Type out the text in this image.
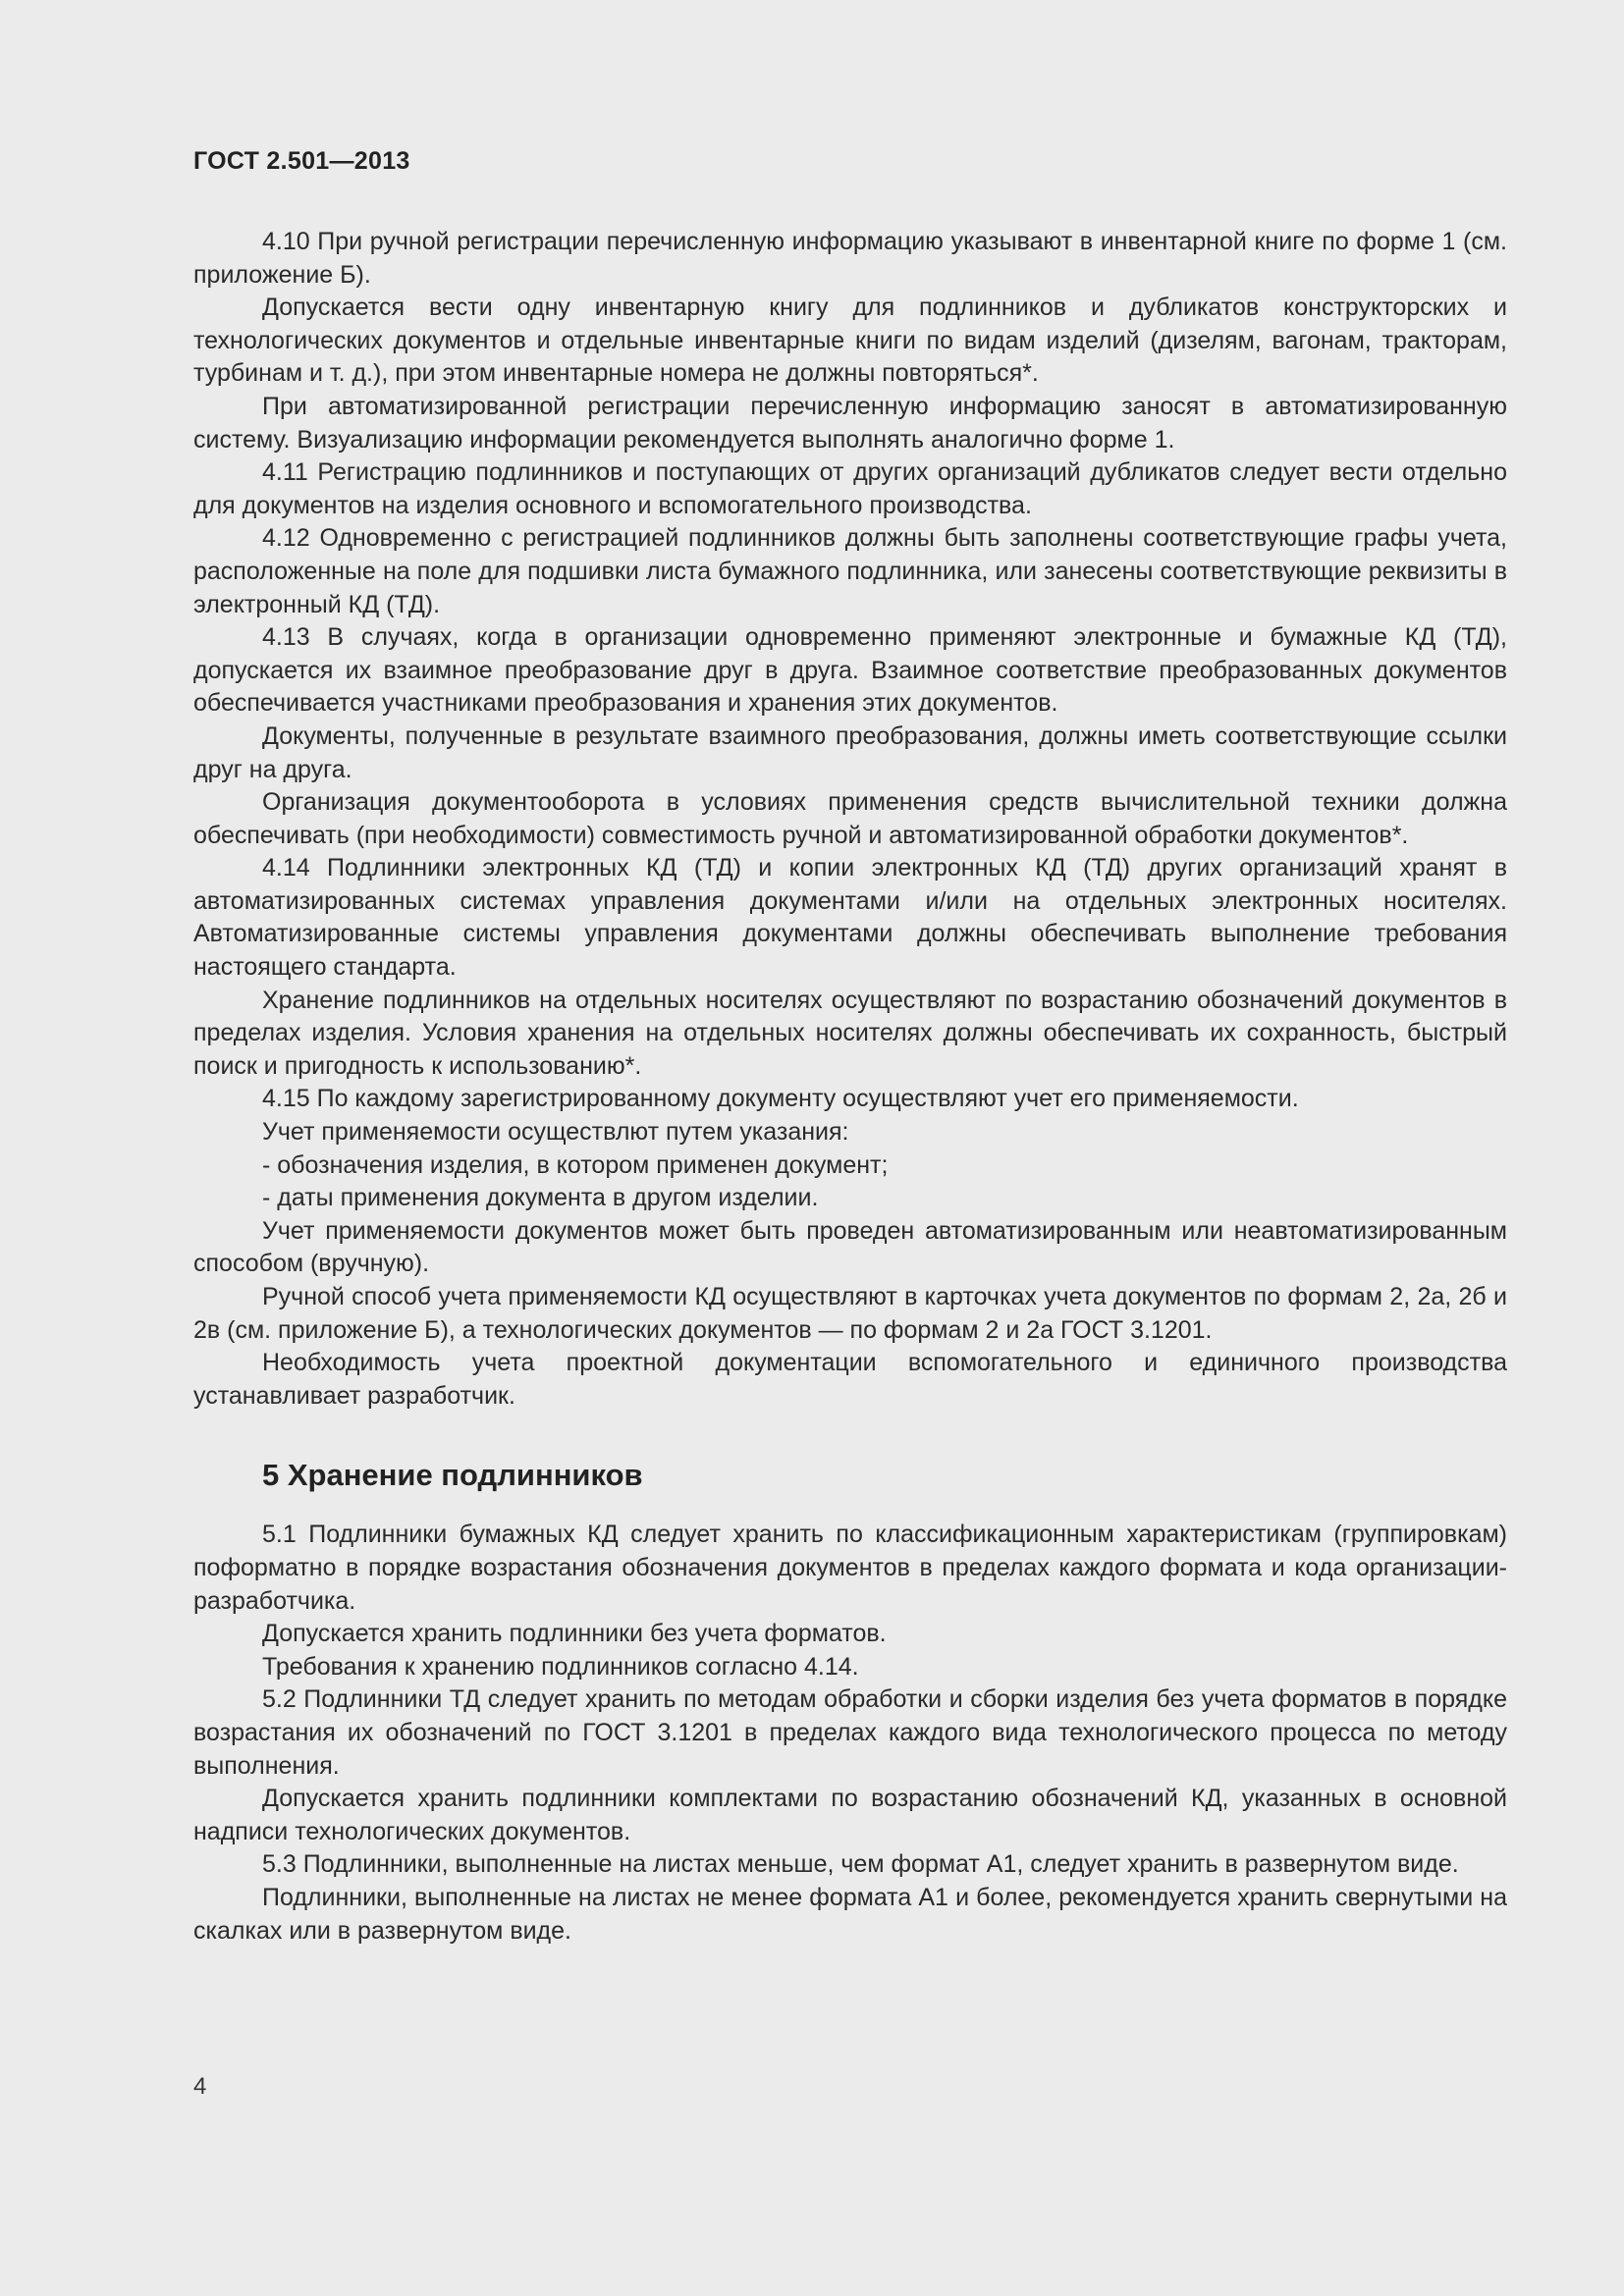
ГОСТ 2.501—2013

4.10 При ручной регистрации перечисленную информацию указывают в инвентарной книге по форме 1 (см. приложение Б).

Допускается вести одну инвентарную книгу для подлинников и дубликатов конструкторских и технологических документов и отдельные инвентарные книги по видам изделий (дизелям, вагонам, тракторам, турбинам и т. д.), при этом инвентарные номера не должны повторяться*.

При автоматизированной регистрации перечисленную информацию заносят в автоматизированную систему. Визуализацию информации рекомендуется выполнять аналогично форме 1.

4.11 Регистрацию подлинников и поступающих от других организаций дубликатов следует вести отдельно для документов на изделия основного и вспомогательного производства.

4.12 Одновременно с регистрацией подлинников должны быть заполнены соответствующие графы учета, расположенные на поле для подшивки листа бумажного подлинника, или занесены соответствующие реквизиты в электронный КД (ТД).

4.13 В случаях, когда в организации одновременно применяют электронные и бумажные КД (ТД), допускается их взаимное преобразование друг в друга. Взаимное соответствие преобразованных документов обеспечивается участниками преобразования и хранения этих документов.

Документы, полученные в результате взаимного преобразования, должны иметь соответствующие ссылки друг на друга.

Организация документооборота в условиях применения средств вычислительной техники должна обеспечивать (при необходимости) совместимость ручной и автоматизированной обработки документов*.

4.14 Подлинники электронных КД (ТД) и копии электронных КД (ТД) других организаций хранят в автоматизированных системах управления документами и/или на отдельных электронных носителях. Автоматизированные системы управления документами должны обеспечивать выполнение требования настоящего стандарта.

Хранение подлинников на отдельных носителях осуществляют по возрастанию обозначений документов в пределах изделия. Условия хранения на отдельных носителях должны обеспечивать их сохранность, быстрый поиск и пригодность к использованию*.

4.15 По каждому зарегистрированному документу осуществляют учет его применяемости.

Учет применяемости осуществлют путем указания:

- обозначения изделия, в котором применен документ;

- даты применения документа в другом изделии.

Учет применяемости документов может быть проведен автоматизированным или неавтоматизированным способом (вручную).

Ручной способ учета применяемости КД осуществляют в карточках учета документов по формам 2, 2а, 2б и 2в (см. приложение Б), а технологических документов — по формам 2 и 2а ГОСТ 3.1201.

Необходимость учета проектной документации вспомогательного и единичного производства устанавливает разработчик.

5 Хранение подлинников

5.1 Подлинники бумажных КД следует хранить по классификационным характеристикам (группировкам) поформатно в порядке возрастания обозначения документов в пределах каждого формата и кода организации-разработчика.

Допускается хранить подлинники без учета форматов.

Требования к хранению подлинников согласно 4.14.

5.2 Подлинники ТД следует хранить по методам обработки и сборки изделия без учета форматов в порядке возрастания их обозначений по ГОСТ 3.1201 в пределах каждого вида технологического процесса по методу выполнения.

Допускается хранить подлинники комплектами по возрастанию обозначений КД, указанных в основной надписи технологических документов.

5.3 Подлинники, выполненные на листах меньше, чем формат А1, следует хранить в развернутом виде.

Подлинники, выполненные на листах не менее формата А1 и более, рекомендуется хранить свернутыми на скалках или в развернутом виде.

4
